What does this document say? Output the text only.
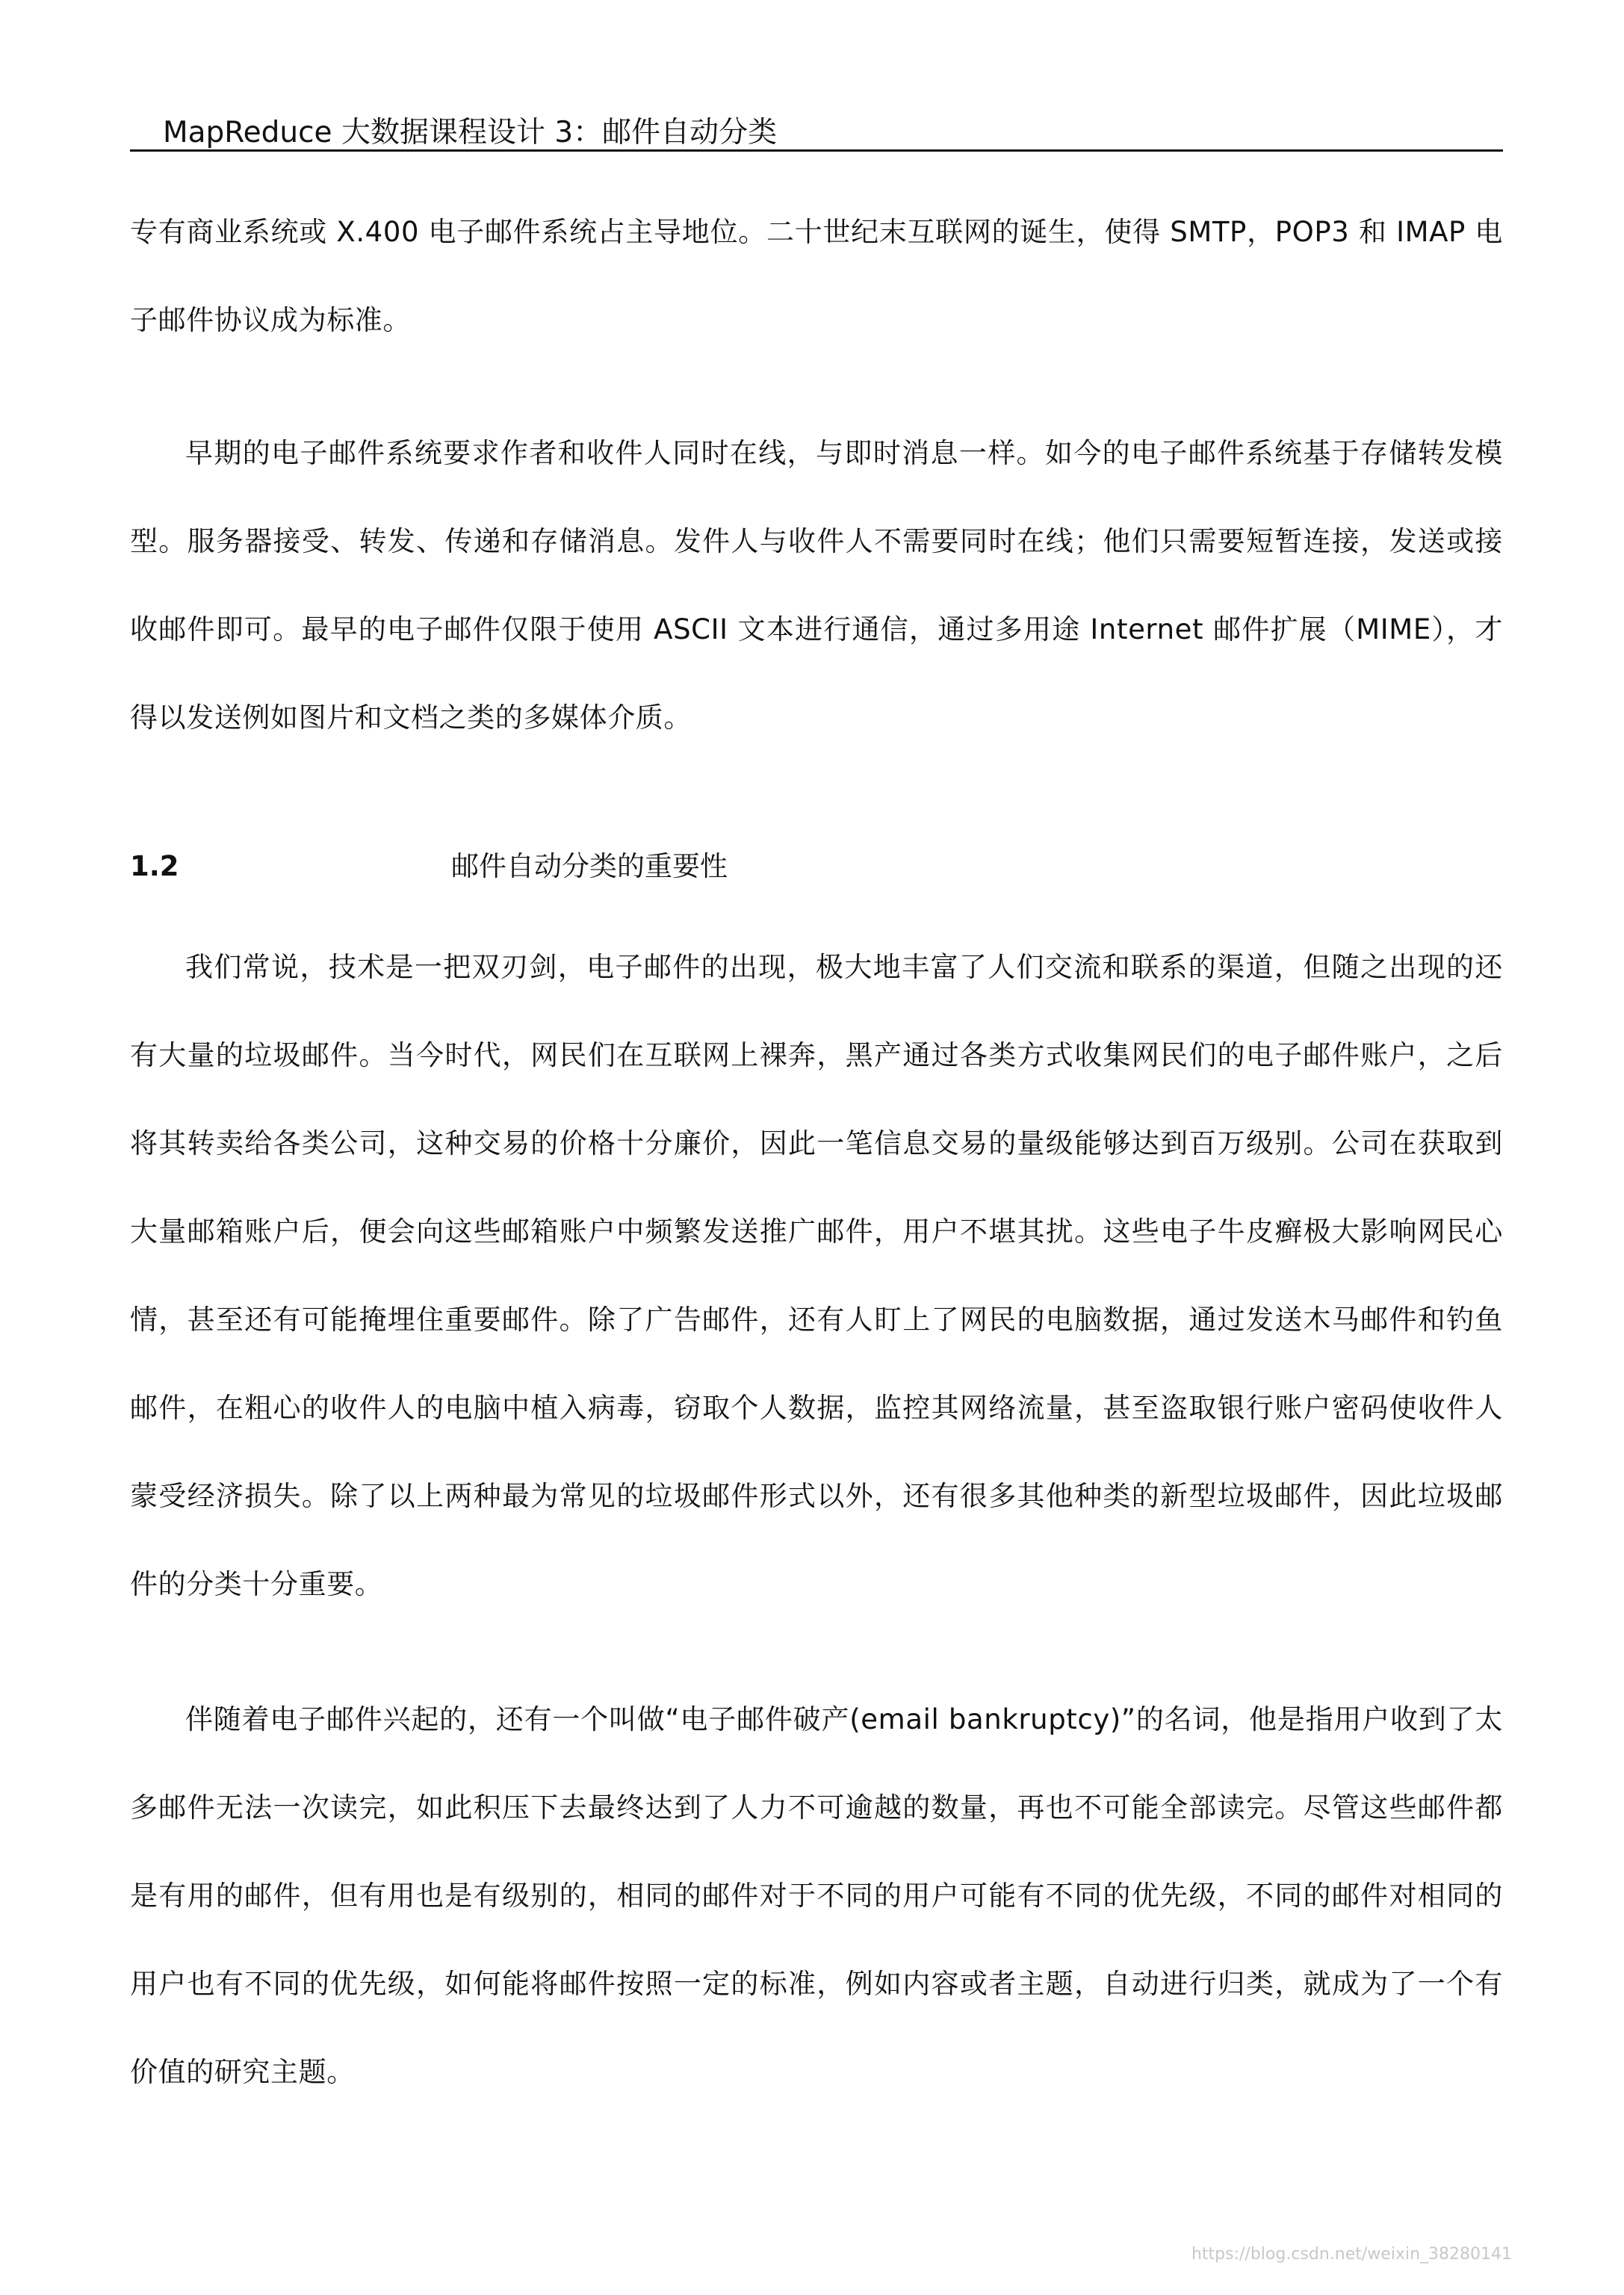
MapReduce 大数据课程设计 3：邮件自动分类

专有商业系统或 X.400 电子邮件系统占主导地位。二十世纪末互联网的诞生，使得 SMTP，POP3 和 IMAP 电子邮件协议成为标准。

早期的电子邮件系统要求作者和收件人同时在线，与即时消息一样。如今的电子邮件系统基于存储转发模型。服务器接受、转发、传递和存储消息。发件人与收件人不需要同时在线；他们只需要短暂连接，发送或接收邮件即可。最早的电子邮件仅限于使用 ASCII 文本进行通信，通过多用途 Internet 邮件扩展（MIME），才得以发送例如图片和文档之类的多媒体介质。

1.2	邮件自动分类的重要性

我们常说，技术是一把双刃剑，电子邮件的出现，极大地丰富了人们交流和联系的渠道，但随之出现的还有大量的垃圾邮件。当今时代，网民们在互联网上裸奔，黑产通过各类方式收集网民们的电子邮件账户，之后将其转卖给各类公司，这种交易的价格十分廉价，因此一笔信息交易的量级能够达到百万级别。公司在获取到大量邮箱账户后，便会向这些邮箱账户中频繁发送推广邮件，用户不堪其扰。这些电子牛皮癣极大影响网民心情，甚至还有可能掩埋住重要邮件。除了广告邮件，还有人盯上了网民的电脑数据，通过发送木马邮件和钓鱼邮件，在粗心的收件人的电脑中植入病毒，窃取个人数据，监控其网络流量，甚至盗取银行账户密码使收件人蒙受经济损失。除了以上两种最为常见的垃圾邮件形式以外，还有很多其他种类的新型垃圾邮件，因此垃圾邮件的分类十分重要。

伴随着电子邮件兴起的，还有一个叫做“电子邮件破产(email bankruptcy)”的名词，他是指用户收到了太多邮件无法一次读完，如此积压下去最终达到了人力不可逾越的数量，再也不可能全部读完。尽管这些邮件都是有用的邮件，但有用也是有级别的，相同的邮件对于不同的用户可能有不同的优先级，不同的邮件对相同的用户也有不同的优先级，如何能将邮件按照一定的标准，例如内容或者主题，自动进行归类，就成为了一个有价值的研究主题。

https://blog.csdn.net/weixin_38280141
